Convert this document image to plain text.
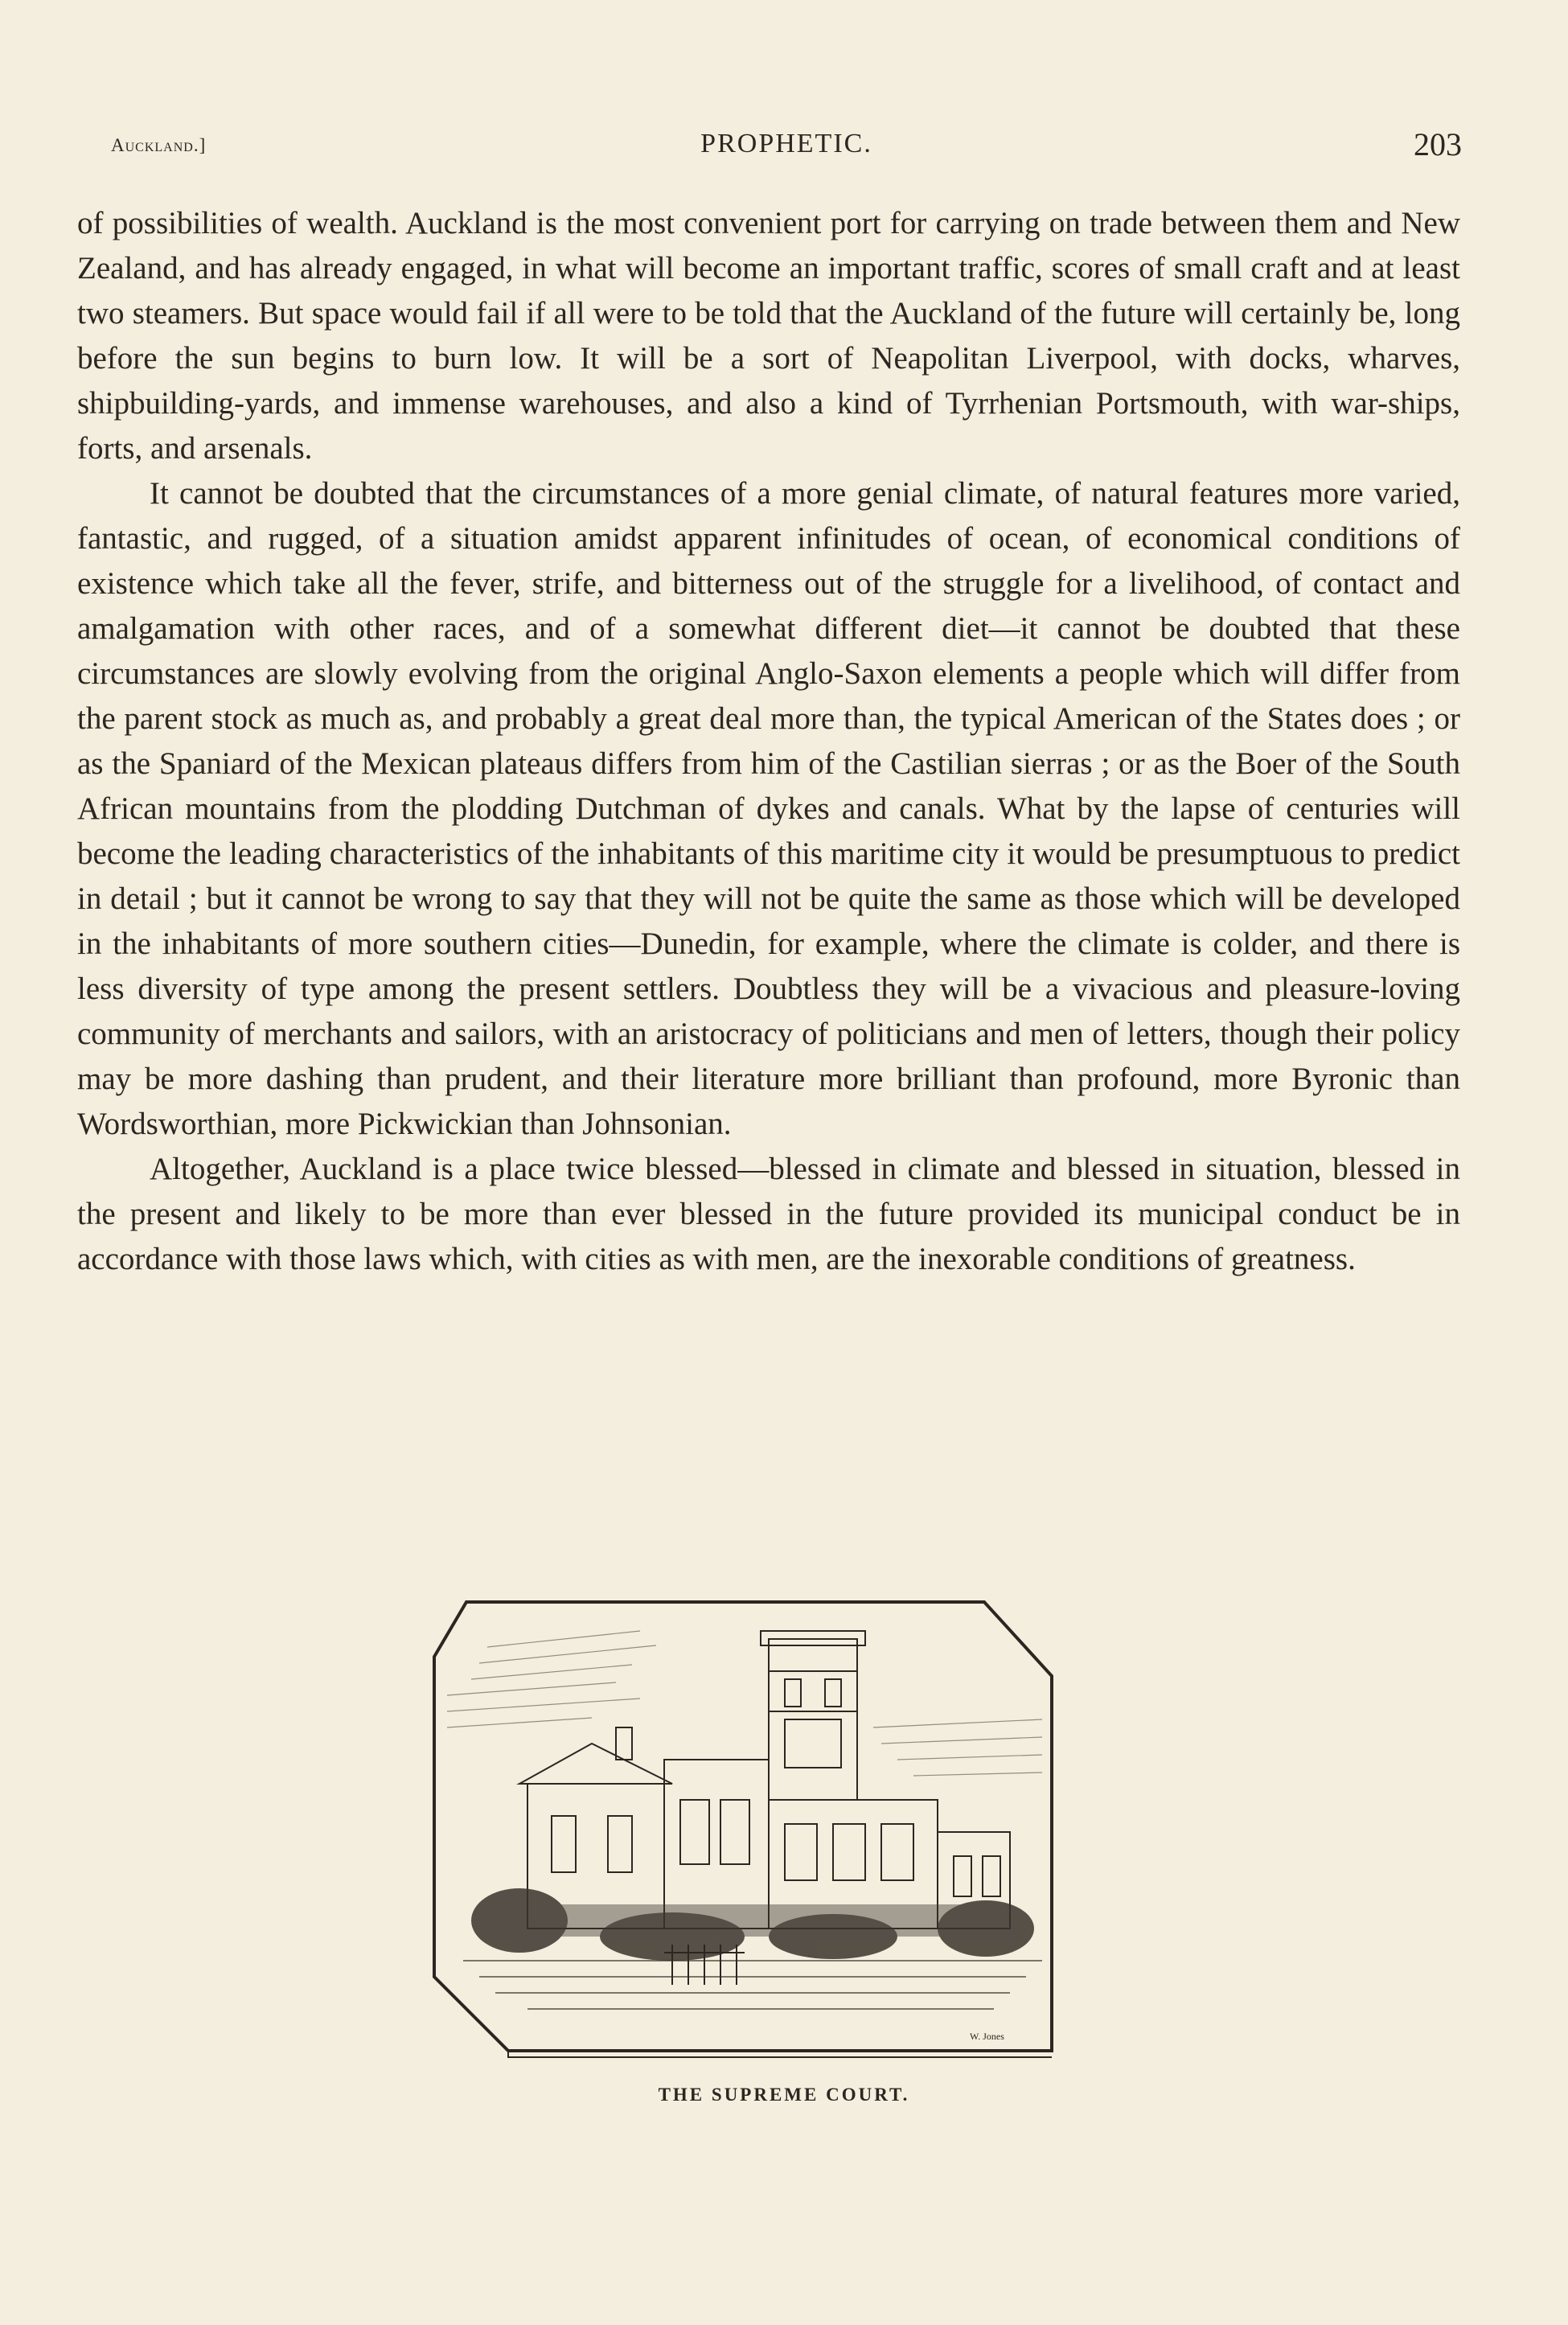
Auckland.]	PROPHETIC.	203

of possibilities of wealth. Auckland is the most convenient port for carrying on trade between them and New Zealand, and has already engaged, in what will become an important traffic, scores of small craft and at least two steamers. But space would fail if all were to be told that the Auckland of the future will certainly be, long before the sun begins to burn low. It will be a sort of Neapolitan Liverpool, with docks, wharves, shipbuilding-yards, and immense warehouses, and also a kind of Tyrrhenian Portsmouth, with war-ships, forts, and arsenals.

It cannot be doubted that the circumstances of a more genial climate, of natural features more varied, fantastic, and rugged, of a situation amidst apparent infinitudes of ocean, of economical conditions of existence which take all the fever, strife, and bitterness out of the struggle for a livelihood, of contact and amalgamation with other races, and of a somewhat different diet—it cannot be doubted that these circumstances are slowly evolving from the original Anglo-Saxon elements a people which will differ from the parent stock as much as, and probably a great deal more than, the typical American of the States does ; or as the Spaniard of the Mexican plateaus differs from him of the Castilian sierras ; or as the Boer of the South African mountains from the plodding Dutchman of dykes and canals. What by the lapse of centuries will become the leading characteristics of the inhabitants of this maritime city it would be presumptuous to predict in detail ; but it cannot be wrong to say that they will not be quite the same as those which will be developed in the inhabitants of more southern cities—Dunedin, for example, where the climate is colder, and there is less diversity of type among the present settlers. Doubtless they will be a vivacious and pleasure-loving community of merchants and sailors, with an aristocracy of politicians and men of letters, though their policy may be more dashing than prudent, and their literature more brilliant than profound, more Byronic than Wordsworthian, more Pickwickian than Johnsonian.

Altogether, Auckland is a place twice blessed—blessed in climate and blessed in situation, blessed in the present and likely to be more than ever blessed in the future provided its municipal conduct be in accordance with those laws which, with cities as with men, are the inexorable conditions of greatness.

W. Jones
THE SUPREME COURT.
